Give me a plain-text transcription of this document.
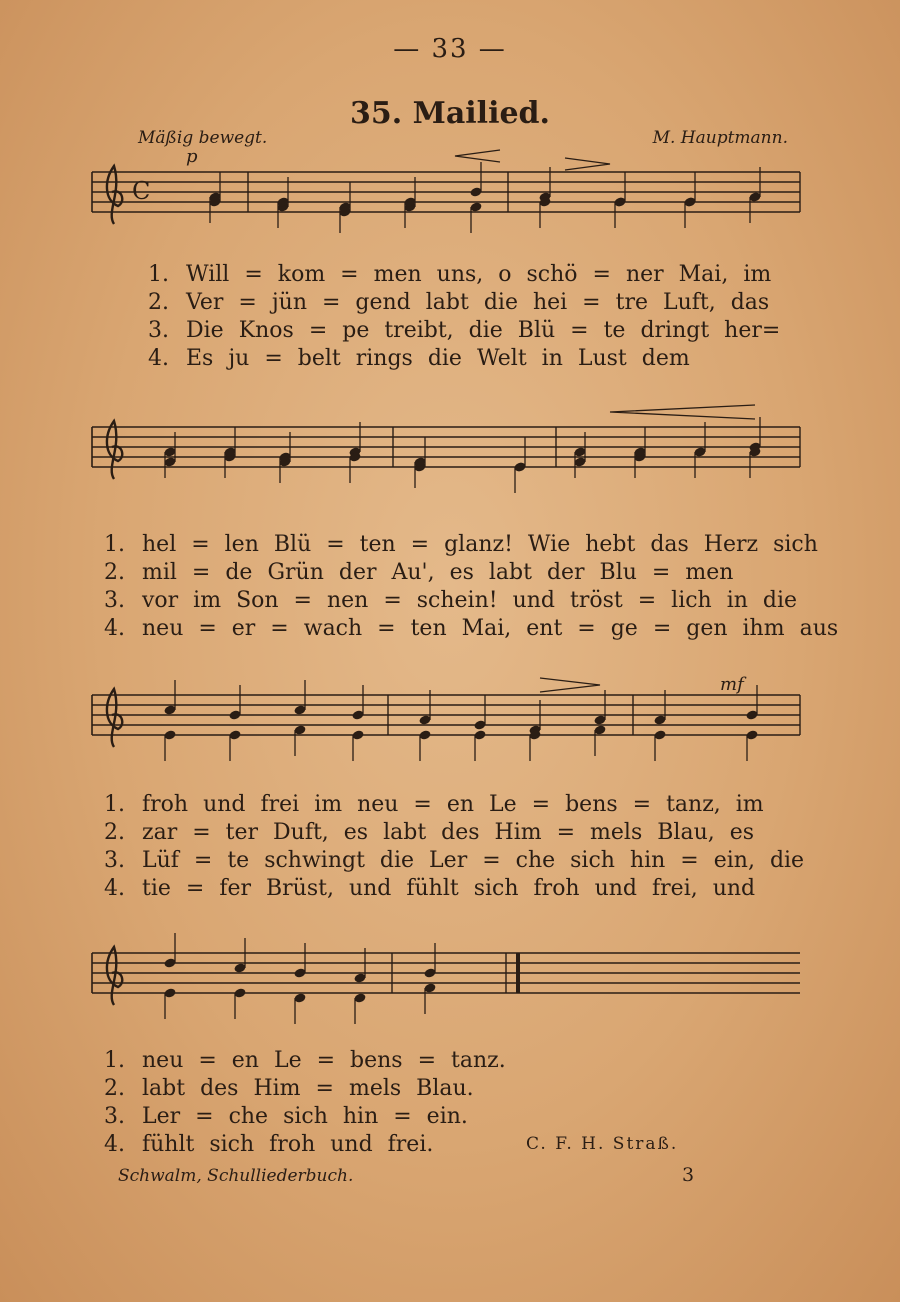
— 33 —
35. Mailied.
Mäßig bewegt.	M. Hauptmann.
C
p
mf
1. Will = kom = men uns, o schö = ner Mai, im
2. Ver = jün = gend labt die hei = tre Luft, das
3. Die Knos = pe treibt, die Blü = te dringt her=
4. Es ju = belt rings die Welt in Lust dem
1. hel = len Blü = ten = glanz! Wie hebt das Herz sich
2. mil = de Grün der Au', es labt der Blu = men
3. vor im Son = nen = schein! und tröst = lich in die
4. neu = er = wach = ten Mai, ent = ge = gen ihm aus
1. froh und frei im neu = en Le = bens = tanz, im
2. zar = ter Duft, es labt des Him = mels Blau, es
3. Lüf = te schwingt die Ler = che sich hin = ein, die
4. tie = fer Brüst, und fühlt sich froh und frei, und
1. neu = en Le = bens = tanz.
2. labt des Him = mels Blau.
3. Ler = che sich hin = ein.
4. fühlt sich froh und frei.	C. F. H. Straß.
Schwalm, Schulliederbuch.	3
